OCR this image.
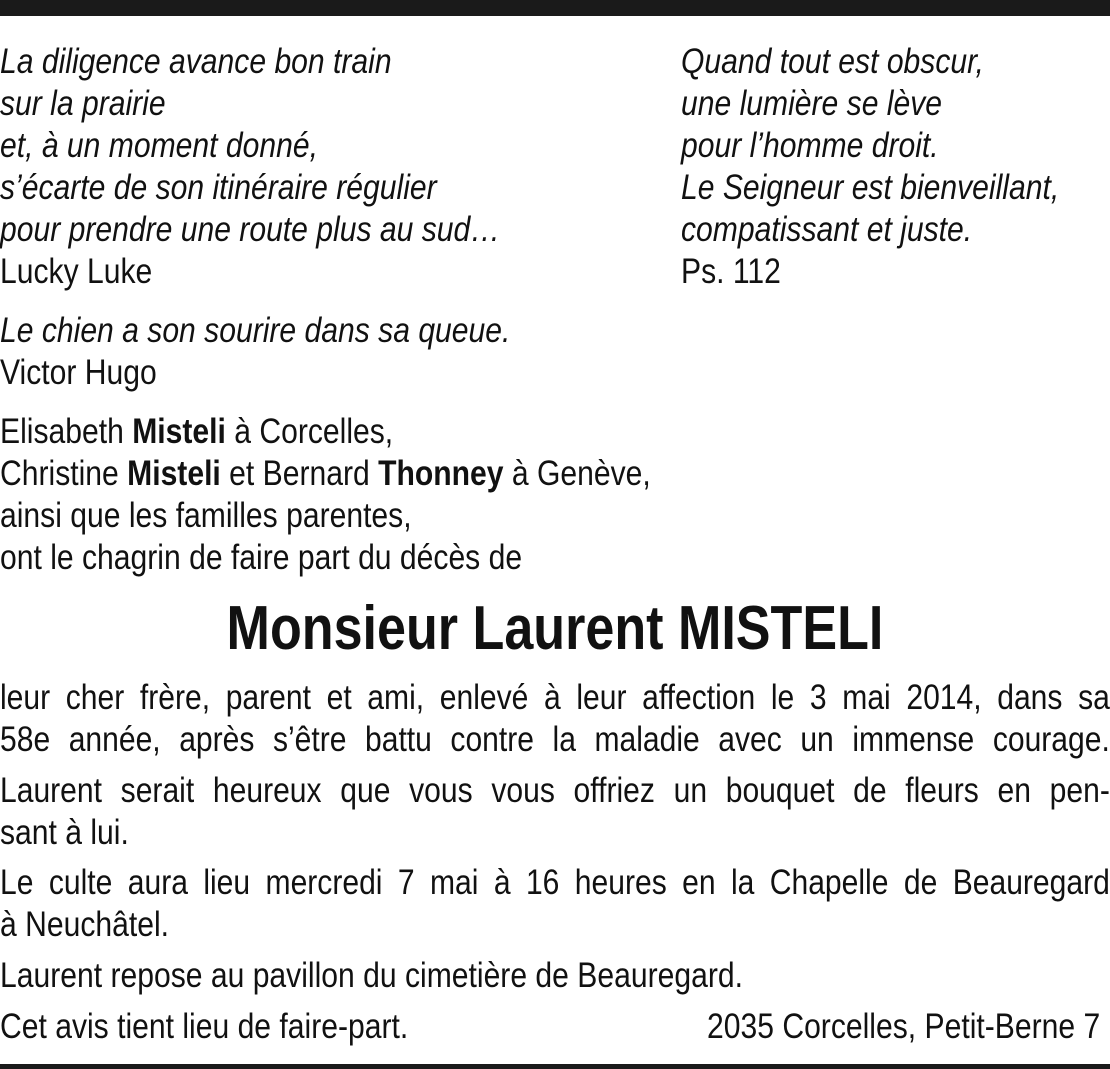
La diligence avance bon train
sur la prairie
et, à un moment donné,
s’écarte de son itinéraire régulier
pour prendre une route plus au sud…
Lucky Luke
Quand tout est obscur,
une lumière se lève
pour l’homme droit.
Le Seigneur est bienveillant,
compatissant et juste.
Ps. 112
Le chien a son sourire dans sa queue.
Victor Hugo
Elisabeth Misteli à Corcelles,
Christine Misteli et Bernard Thonney à Genève,
ainsi que les familles parentes,
ont le chagrin de faire part du décès de
Monsieur Laurent MISTELI
leur cher frère, parent et ami, enlevé à leur affection le 3 mai 2014, dans sa
58e année, après s’être battu contre la maladie avec un immense courage.
Laurent serait heureux que vous vous offriez un bouquet de fleurs en pen-
sant à lui.
Le culte aura lieu mercredi 7 mai à 16 heures en la Chapelle de Beauregard
à Neuchâtel.
Laurent repose au pavillon du cimetière de Beauregard.
Cet avis tient lieu de faire-part.	2035 Corcelles, Petit-Berne 7
